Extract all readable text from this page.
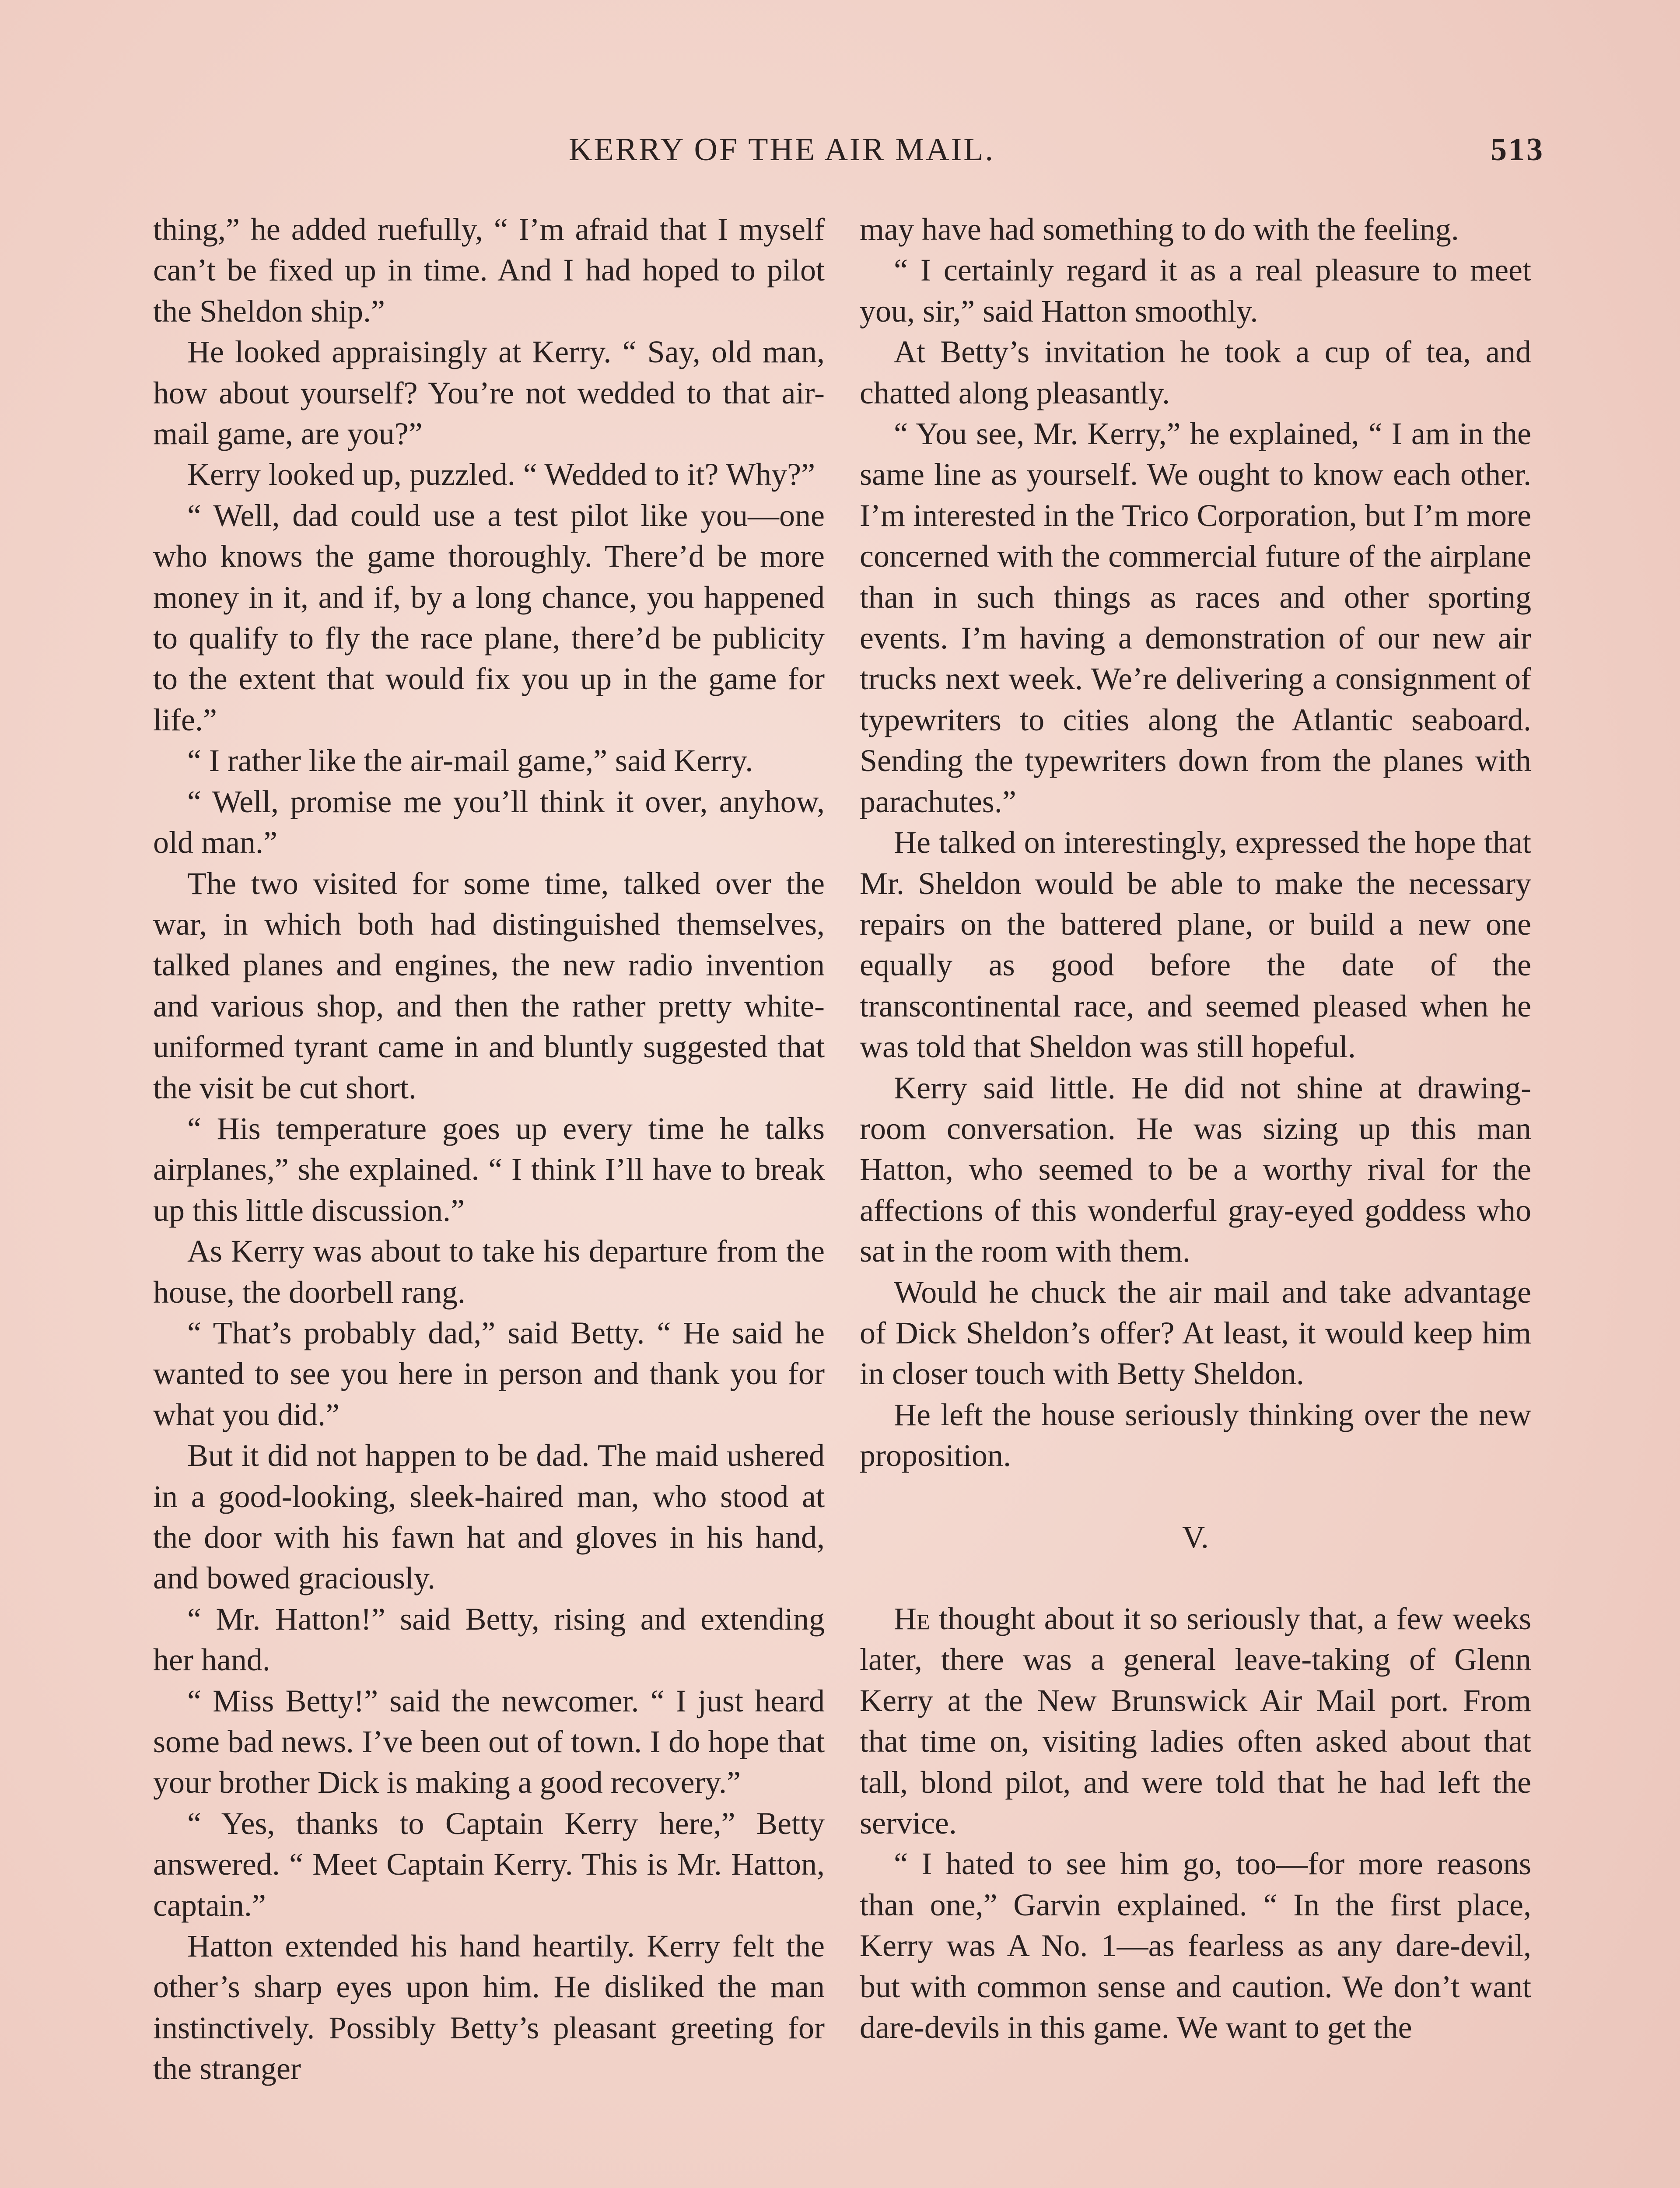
KERRY OF THE AIR MAIL.	513

thing,” he added ruefully, “ I’m afraid that I myself can’t be fixed up in time. And I had hoped to pilot the Sheldon ship.”

He looked appraisingly at Kerry. “ Say, old man, how about yourself? You’re not wedded to that air-mail game, are you?”

Kerry looked up, puzzled. “ Wedded to it? Why?”

“ Well, dad could use a test pilot like you—one who knows the game thoroughly. There’d be more money in it, and if, by a long chance, you happened to qualify to fly the race plane, there’d be publicity to the extent that would fix you up in the game for life.”

“ I rather like the air-mail game,” said Kerry.

“ Well, promise me you’ll think it over, anyhow, old man.”

The two visited for some time, talked over the war, in which both had distinguished themselves, talked planes and engines, the new radio invention and various shop, and then the rather pretty white-uniformed tyrant came in and bluntly suggested that the visit be cut short.

“ His temperature goes up every time he talks airplanes,” she explained. “ I think I’ll have to break up this little discussion.”

As Kerry was about to take his departure from the house, the doorbell rang.

“ That’s probably dad,” said Betty. “ He said he wanted to see you here in person and thank you for what you did.”

But it did not happen to be dad. The maid ushered in a good-looking, sleek-haired man, who stood at the door with his fawn hat and gloves in his hand, and bowed graciously.

“ Mr. Hatton!” said Betty, rising and extending her hand.

“ Miss Betty!” said the newcomer. “ I just heard some bad news. I’ve been out of town. I do hope that your brother Dick is making a good recovery.”

“ Yes, thanks to Captain Kerry here,” Betty answered. “ Meet Captain Kerry. This is Mr. Hatton, captain.”

Hatton extended his hand heartily. Kerry felt the other’s sharp eyes upon him. He disliked the man instinctively. Possibly Betty’s pleasant greeting for the stranger

may have had something to do with the feeling.

“ I certainly regard it as a real pleasure to meet you, sir,” said Hatton smoothly.

At Betty’s invitation he took a cup of tea, and chatted along pleasantly.

“ You see, Mr. Kerry,” he explained, “ I am in the same line as yourself. We ought to know each other. I’m interested in the Trico Corporation, but I’m more concerned with the commercial future of the airplane than in such things as races and other sporting events. I’m having a demonstration of our new air trucks next week. We’re delivering a consignment of typewriters to cities along the Atlantic seaboard. Sending the typewriters down from the planes with parachutes.”

He talked on interestingly, expressed the hope that Mr. Sheldon would be able to make the necessary repairs on the battered plane, or build a new one equally as good before the date of the transcontinental race, and seemed pleased when he was told that Sheldon was still hopeful.

Kerry said little. He did not shine at drawing-room conversation. He was sizing up this man Hatton, who seemed to be a worthy rival for the affections of this wonderful gray-eyed goddess who sat in the room with them.

Would he chuck the air mail and take advantage of Dick Sheldon’s offer? At least, it would keep him in closer touch with Betty Sheldon.

He left the house seriously thinking over the new proposition.

V.

He thought about it so seriously that, a few weeks later, there was a general leave-taking of Glenn Kerry at the New Brunswick Air Mail port. From that time on, visiting ladies often asked about that tall, blond pilot, and were told that he had left the service.

“ I hated to see him go, too—for more reasons than one,” Garvin explained. “ In the first place, Kerry was A No. 1—as fearless as any dare-devil, but with common sense and caution. We don’t want dare-devils in this game. We want to get the
